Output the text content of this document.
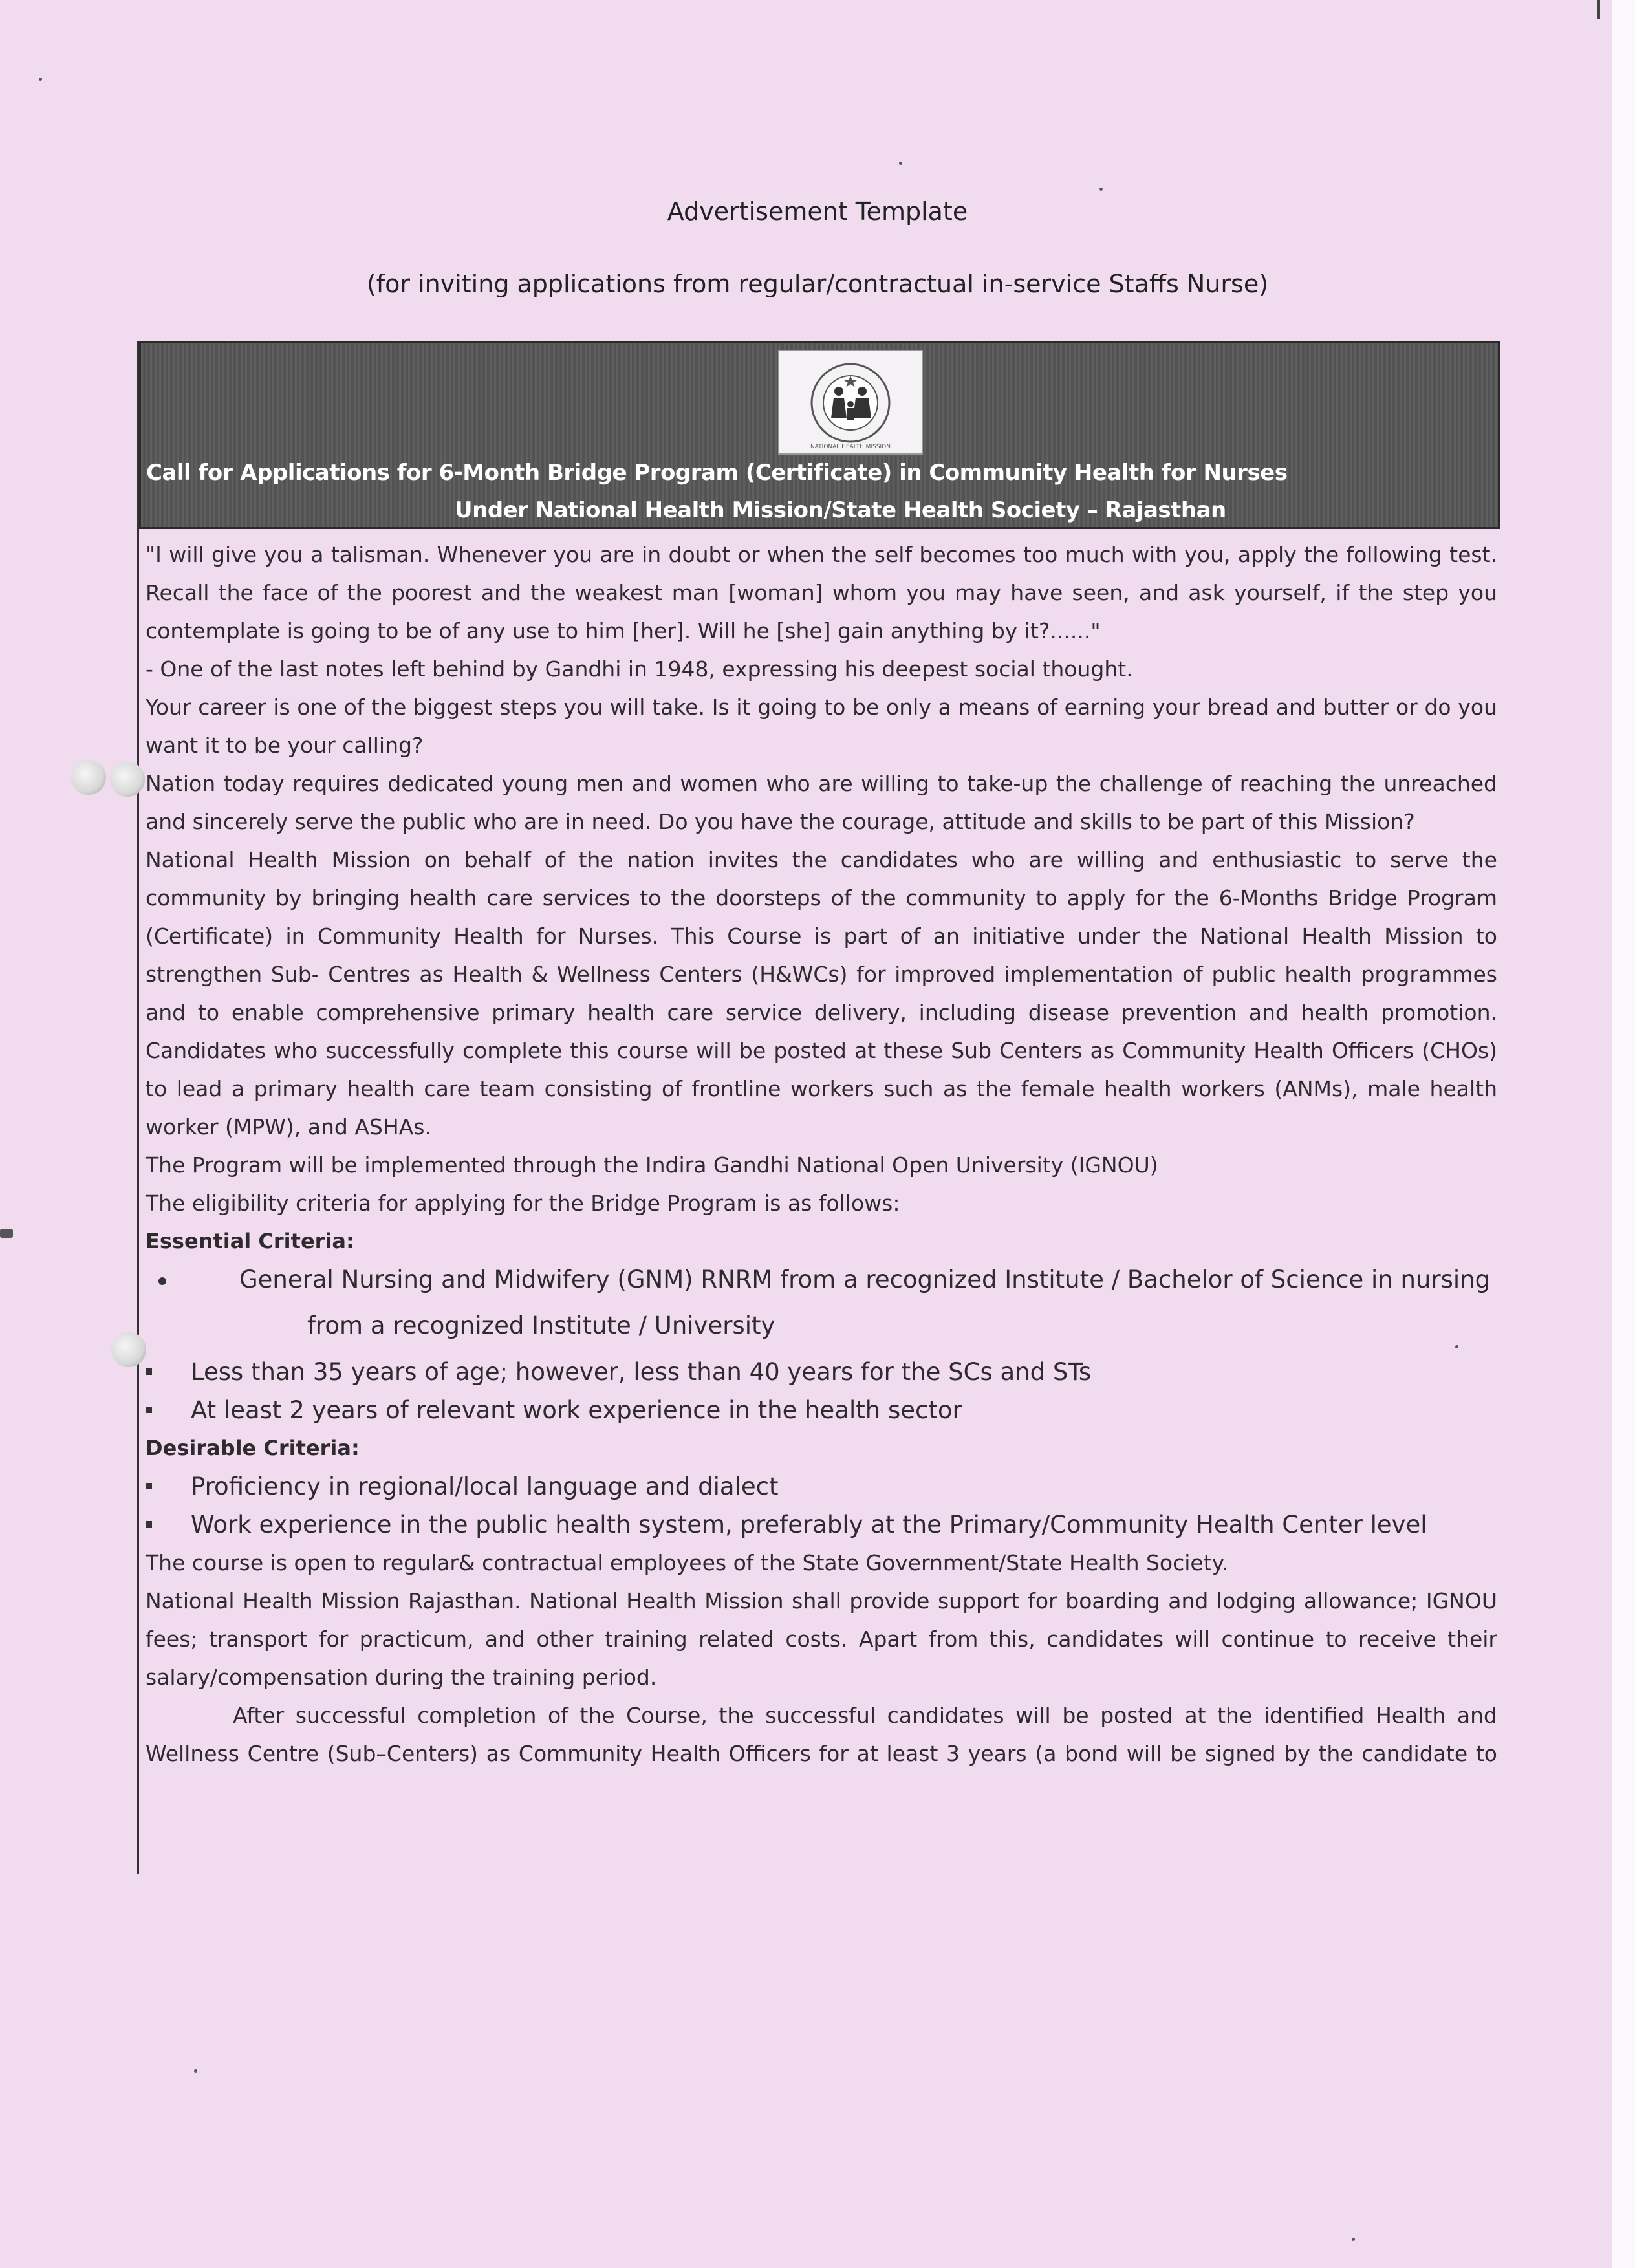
Advertisement Template
(for inviting applications from regular/contractual in-service Staffs Nurse)
NATIONAL HEALTH MISSION
Call for Applications for 6-Month Bridge Program (Certificate) in Community Health for Nurses
Under National Health Mission/State Health Society – Rajasthan

"I will give you a talisman. Whenever you are in doubt or when the self becomes too much with you, apply the following test. Recall the face of the poorest and the weakest man [woman] whom you may have seen, and ask yourself, if the step you contemplate is going to be of any use to him [her]. Will he [she] gain anything by it?......"

- One of the last notes left behind by Gandhi in 1948, expressing his deepest social thought.

Your career is one of the biggest steps you will take. Is it going to be only a means of earning your bread and butter or do you want it to be your calling?

Nation today requires dedicated young men and women who are willing to take-up the challenge of reaching the unreached and sincerely serve the public who are in need. Do you have the courage, attitude and skills to be part of this Mission?

National Health Mission on behalf of the nation invites the candidates who are willing and enthusiastic to serve the community by bringing health care services to the doorsteps of the community to apply for the 6-Months Bridge Program (Certificate) in Community Health for Nurses. This Course is part of an initiative under the National Health Mission to strengthen Sub- Centres as Health & Wellness Centers (H&WCs) for improved implementation of public health programmes and to enable comprehensive primary health care service delivery, including disease prevention and health promotion. Candidates who successfully complete this course will be posted at these Sub Centers as Community Health Officers (CHOs) to lead a primary health care team consisting of frontline workers such as the female health workers (ANMs), male health worker (MPW), and ASHAs.

The Program will be implemented through the Indira Gandhi National Open University (IGNOU)

The eligibility criteria for applying for the Bridge Program is as follows:

Essential Criteria:

General Nursing and Midwifery (GNM) RNRM from a recognized Institute / Bachelor of Science in nursing
from a recognized Institute / University
Less than 35 years of age; however, less than 40 years for the SCs and STs
At least 2 years of relevant work experience in the health sector

Desirable Criteria:

Proficiency in regional/local language and dialect
Work experience in the public health system, preferably at the Primary/Community Health Center level

The course is open to regular& contractual employees of the State Government/State Health Society.

National Health Mission Rajasthan. National Health Mission shall provide support for boarding and lodging allowance; IGNOU fees; transport for practicum, and other training related costs. Apart from this, candidates will continue to receive their salary/compensation during the training period.

After successful completion of the Course, the successful candidates will be posted at the identified Health and

Wellness Centre (Sub–Centers) as Community Health Officers for at least 3 years (a bond will be signed by the candidate to
